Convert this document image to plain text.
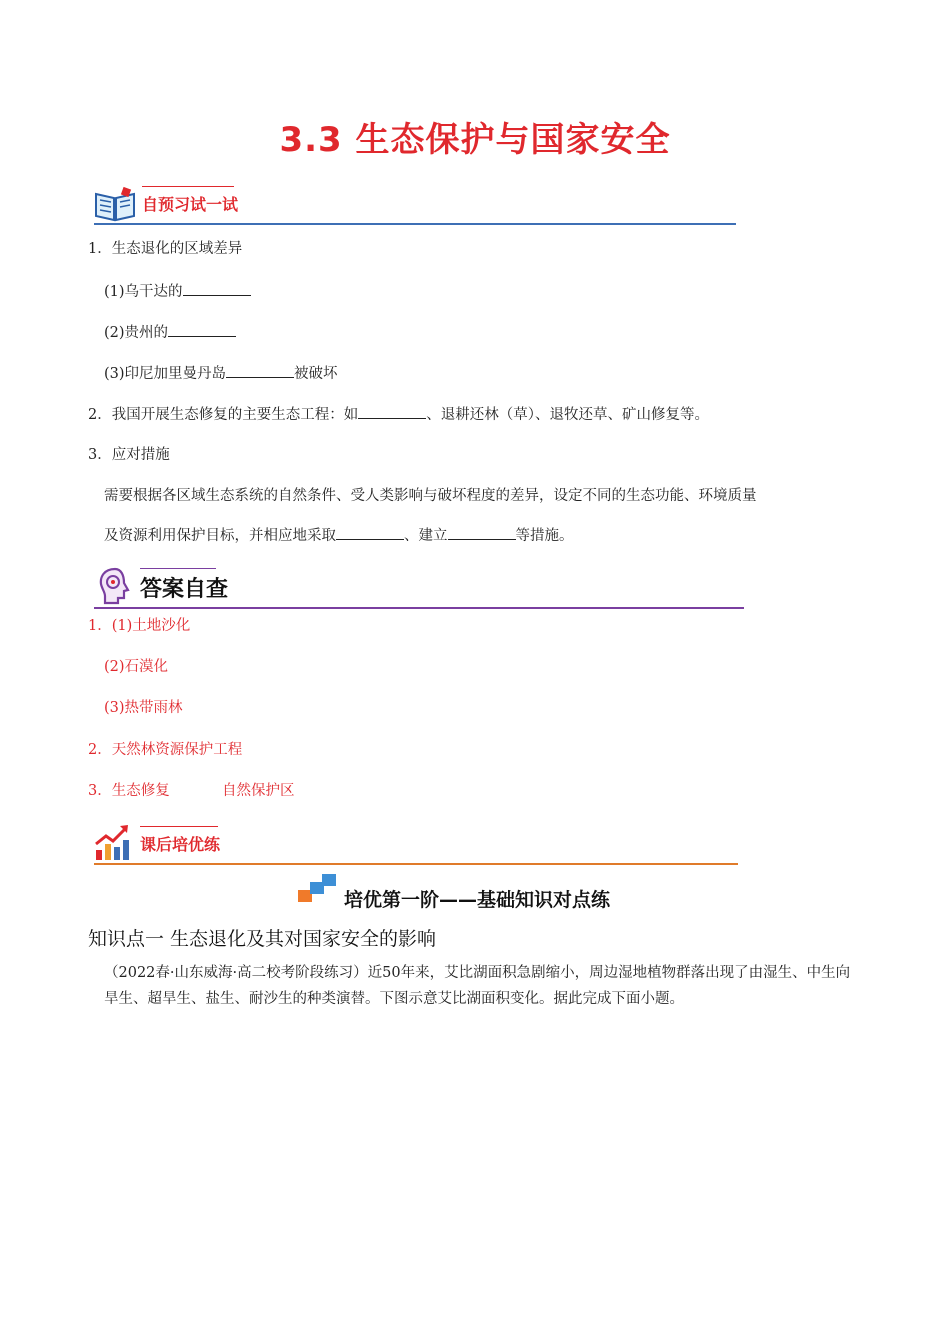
3.3 生态保护与国家安全
自预习试一试
1．生态退化的区域差异
(1)乌干达的
(2)贵州的
(3)印尼加里曼丹岛	被破坏
2．我国开展生态修复的主要生态工程：如	、退耕还林（草）、退牧还草、矿山修复等。
3．应对措施
需要根据各区域生态系统的自然条件、受人类影响与破坏程度的差异，设定不同的生态功能、环境质量
及资源利用保护目标，并相应地采取	、建立	等措施。
答案自查
1．(1)土地沙化
(2)石漠化
(3)热带雨林
2．天然林资源保护工程
3．生态修复	自然保护区
课后培优练
培优第一阶——基础知识对点练
知识点一 生态退化及其对国家安全的影响
（2022春·山东威海·高二校考阶段练习）近50年来，艾比湖面积急剧缩小，周边湿地植物群落出现了由湿生、中生向旱生、超旱生、盐生、耐沙生的种类演替。下图示意艾比湖面积变化。据此完成下面小题。
